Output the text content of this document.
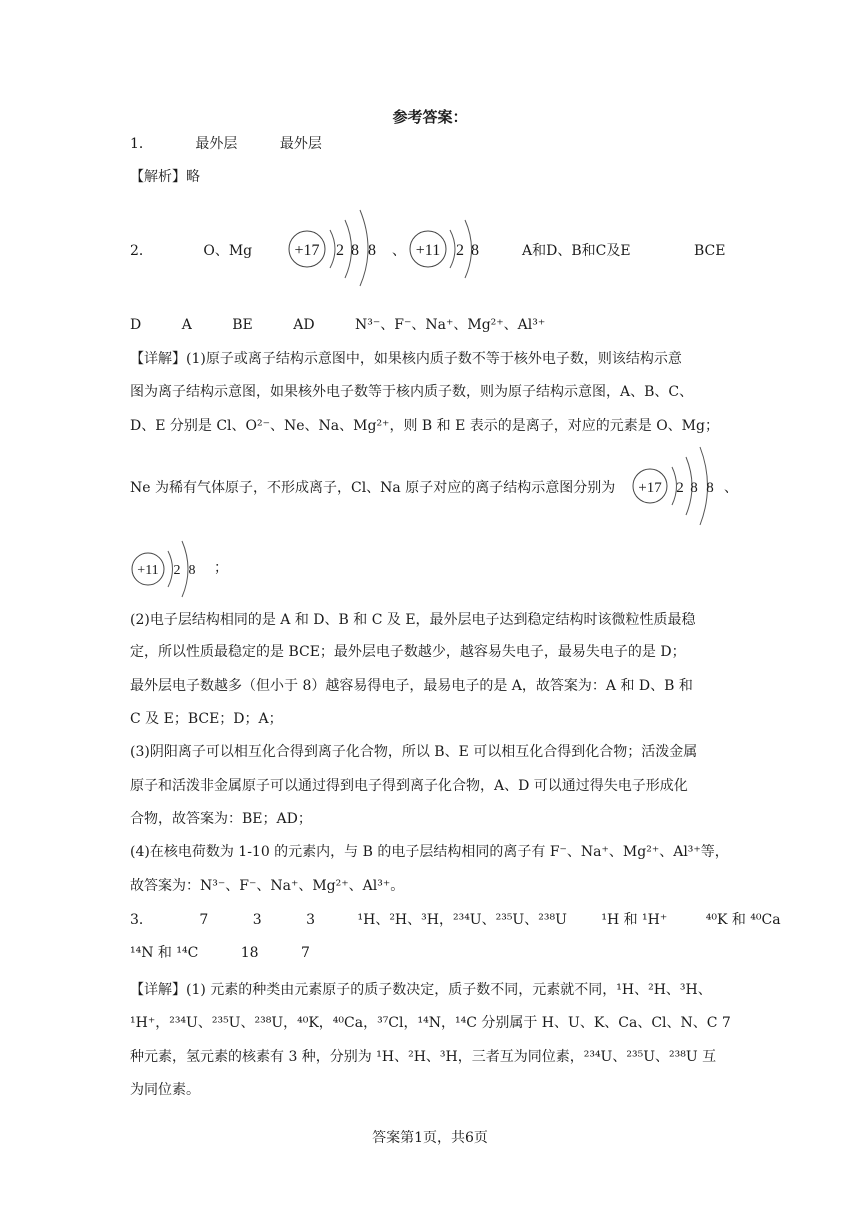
参考答案：
1．	最外层	最外层
【解析】略
2．	O、Mg	+17 2 8 8 、 +11 2 8	A和D、B和C及E	BCE
D	A	BE	AD	N³⁻、F⁻、Na⁺、Mg²⁺、Al³⁺
【详解】(1)原子或离子结构示意图中，如果核内质子数不等于核外电子数，则该结构示意
图为离子结构示意图，如果核外电子数等于核内质子数，则为原子结构示意图，A、B、C、
D、E 分别是 Cl、O²⁻、Ne、Na、Mg²⁺，则 B 和 E 表示的是离子，对应的元素是 O、Mg；
Ne 为稀有气体原子，不形成离子，Cl、Na 原子对应的离子结构示意图分别为 +17 2 8 8 、
+11 2 8 ；
(2)电子层结构相同的是 A 和 D、B 和 C 及 E，最外层电子达到稳定结构时该微粒性质最稳
定，所以性质最稳定的是 BCE；最外层电子数越少，越容易失电子，最易失电子的是 D；
最外层电子数越多（但小于 8）越容易得电子，最易电子的是 A，故答案为：A 和 D、B 和
C 及 E；BCE；D；A；
(3)阴阳离子可以相互化合得到离子化合物，所以 B、E 可以相互化合得到化合物；活泼金属
原子和活泼非金属原子可以通过得到电子得到离子化合物，A、D 可以通过得失电子形成化
合物，故答案为：BE；AD；
(4)在核电荷数为 1-10 的元素内，与 B 的电子层结构相同的离子有 F⁻、Na⁺、Mg²⁺、Al³⁺等，
故答案为：N³⁻、F⁻、Na⁺、Mg²⁺、Al³⁺。
3．	7	3	3	¹H、²H、³H，²³⁴U、²³⁵U、²³⁸U ¹H 和 ¹H⁺	⁴⁰K 和 ⁴⁰Ca
¹⁴N 和 ¹⁴C	18	7
【详解】(1) 元素的种类由元素原子的质子数决定，质子数不同，元素就不同，¹H、²H、³H、
¹H⁺，²³⁴U、²³⁵U、²³⁸U，⁴⁰K，⁴⁰Ca，³⁷Cl，¹⁴N，¹⁴C 分别属于 H、U、K、Ca、Cl、N、C 7
种元素，氢元素的核素有 3 种，分别为 ¹H、²H、³H，三者互为同位素，²³⁴U、²³⁵U、²³⁸U 互
为同位素。
答案第1页，共6页
